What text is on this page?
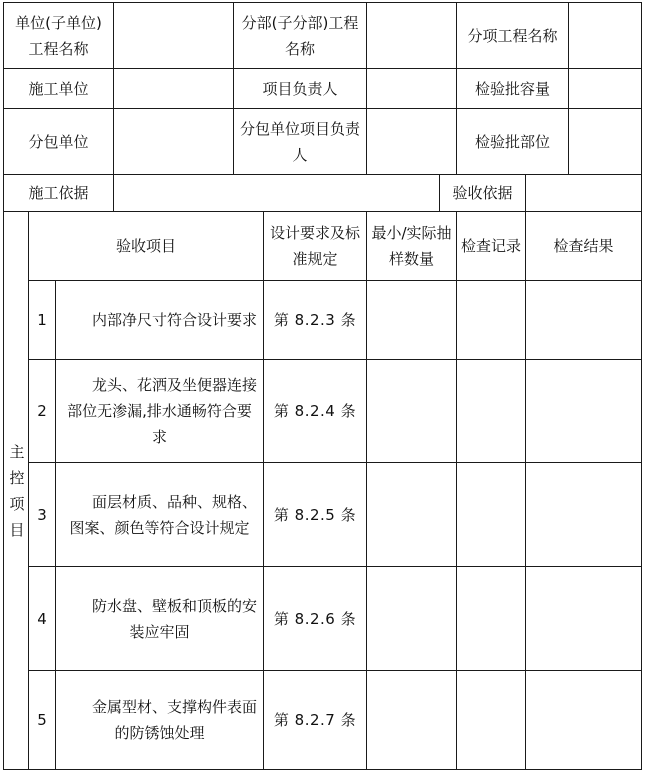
单位(子单位)工程名称				分部(子分部)工程名称				分项工程名称		

施工单位				项目负责人				检验批容量		
分包单位				分包单位项目负责人				检验批部位		
施工依据							验收依据			

主控项目	验收项目				设计要求及标准规定	最小/实际抽样数量		检查记录	检查结果	

	1	内部净尺寸符合设计要求			第 8.2.3 条					
	2	龙头、花洒及坐便器连接部位无渗漏,排水通畅符合要求			第 8.2.4 条					
	3	面层材质、品种、规格、图案、颜色等符合设计规定			第 8.2.5 条					
	4	防水盘、壁板和顶板的安装应牢固			第 8.2.6 条					
	5	金属型材、支撑构件表面的防锈蚀处理			第 8.2.7 条					
